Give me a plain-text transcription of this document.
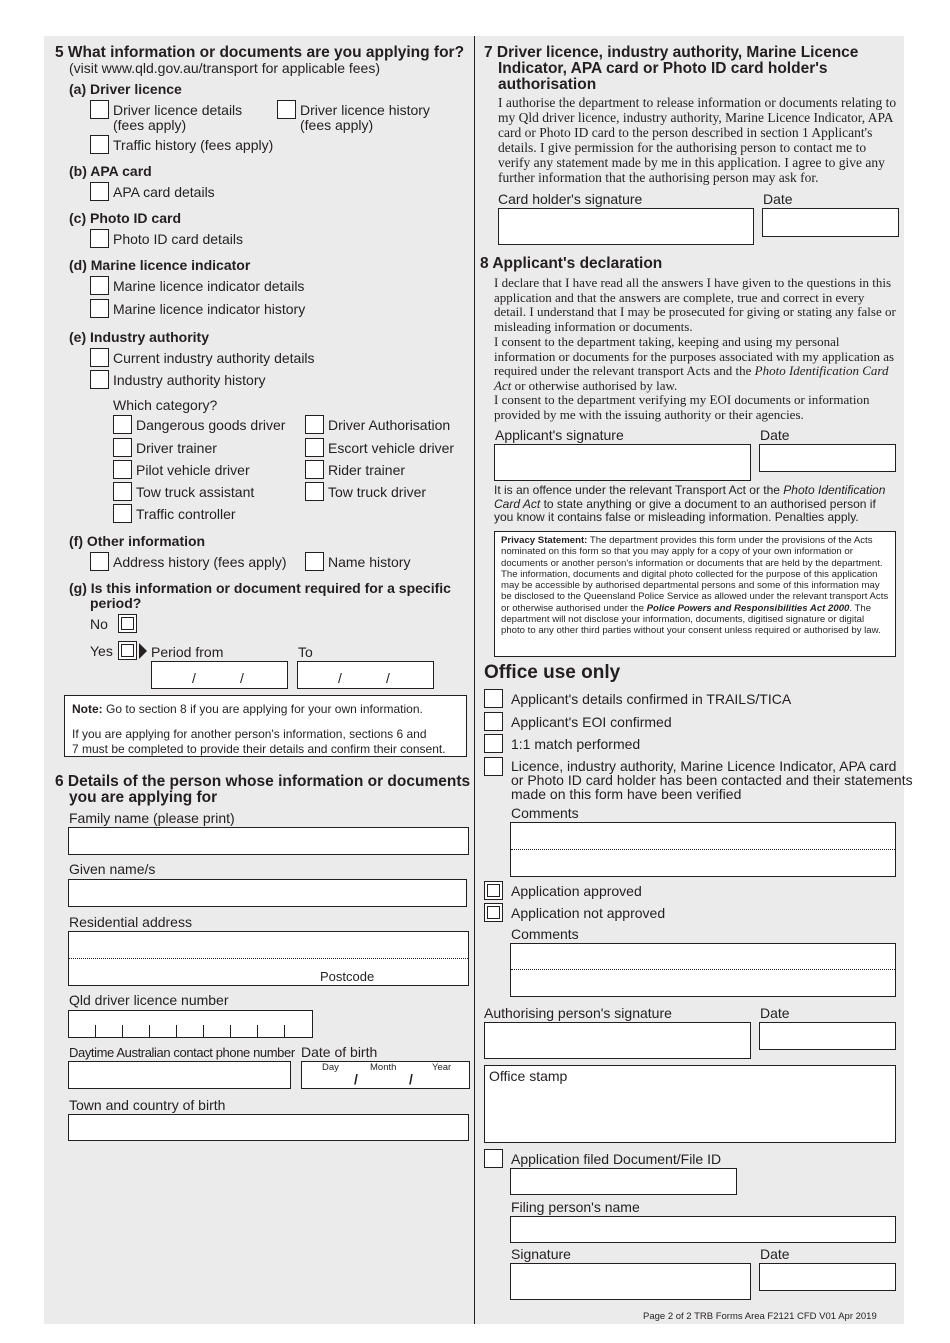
5 What information or documents are you applying for?
(visit www.qld.gov.au/transport for applicable fees)
(a) Driver licence
Driver licence details
(fees apply)
Driver licence history
(fees apply)
Traffic history (fees apply)
(b) APA card
APA card details
(c) Photo ID card
Photo ID card details
(d) Marine licence indicator
Marine licence indicator details
Marine licence indicator history
(e) Industry authority
Current industry authority details
Industry authority history
Which category?
Dangerous goods driver	Driver Authorisation
Driver trainer	Escort vehicle driver
Pilot vehicle driver	Rider trainer
Tow truck assistant	Tow truck driver
Traffic controller
(f) Other information
Address history (fees apply)	Name history
(g) Is this information or document required for a specific
period?
No
Yes	Period from	To
/	/	/	/
Note: Go to section 8 if you are applying for your own information.
If you are applying for another person's information, sections 6 and
7 must be completed to provide their details and confirm their consent.
6 Details of the person whose information or documents
you are applying for
Family name (please print)
Given name/s
Residential address
Postcode
Qld driver licence number
Daytime Australian contact phone number Date of birth
Day	Month	Year
/	/
Town and country of birth
7 Driver licence, industry authority, Marine Licence
Indicator, APA card or Photo ID card holder's
authorisation
I authorise the department to release information or documents relating to my Qld driver licence, industry authority, Marine Licence Indicator, APA card or Photo ID card to the person described in section 1 Applicant's details. I give permission for the authorising person to contact me to verify any statement made by me in this application. I agree to give any further information that the authorising person may ask for.
Card holder's signature	Date
8 Applicant's declaration
I declare that I have read all the answers I have given to the questions in this application and that the answers are complete, true and correct in every detail. I understand that I may be prosecuted for giving or stating any false or misleading information or documents.
I consent to the department taking, keeping and using my personal information or documents for the purposes associated with my application as required under the relevant transport Acts and the Photo Identification Card Act or otherwise authorised by law.
I consent to the department verifying my EOI documents or information provided by me with the issuing authority or their agencies.
Applicant's signature	Date
It is an offence under the relevant Transport Act or the Photo Identification Card Act to state anything or give a document to an authorised person if you know it contains false or misleading information. Penalties apply.
Privacy Statement: The department provides this form under the provisions of the Acts nominated on this form so that you may apply for a copy of your own information or documents or another person's information or documents that are held by the department. The information, documents and digital photo collected for the purpose of this application may be accessible by authorised departmental persons and some of this information may be disclosed to the Queensland Police Service as allowed under the relevant transport Acts or otherwise authorised under the Police Powers and Responsibilities Act 2000. The department will not disclose your information, documents, digitised signature or digital photo to any other third parties without your consent unless required or authorised by law.
Office use only
Applicant's details confirmed in TRAILS/TICA
Applicant's EOI confirmed
1:1 match performed
Licence, industry authority, Marine Licence Indicator, APA card
or Photo ID card holder has been contacted and their statements
made on this form have been verified
Comments
Application approved
Application not approved
Comments
Authorising person's signature	Date
Office stamp
Application filed Document/File ID
Filing person's name
Signature	Date
Page 2 of 2 TRB Forms Area F2121 CFD V01 Apr 2019
